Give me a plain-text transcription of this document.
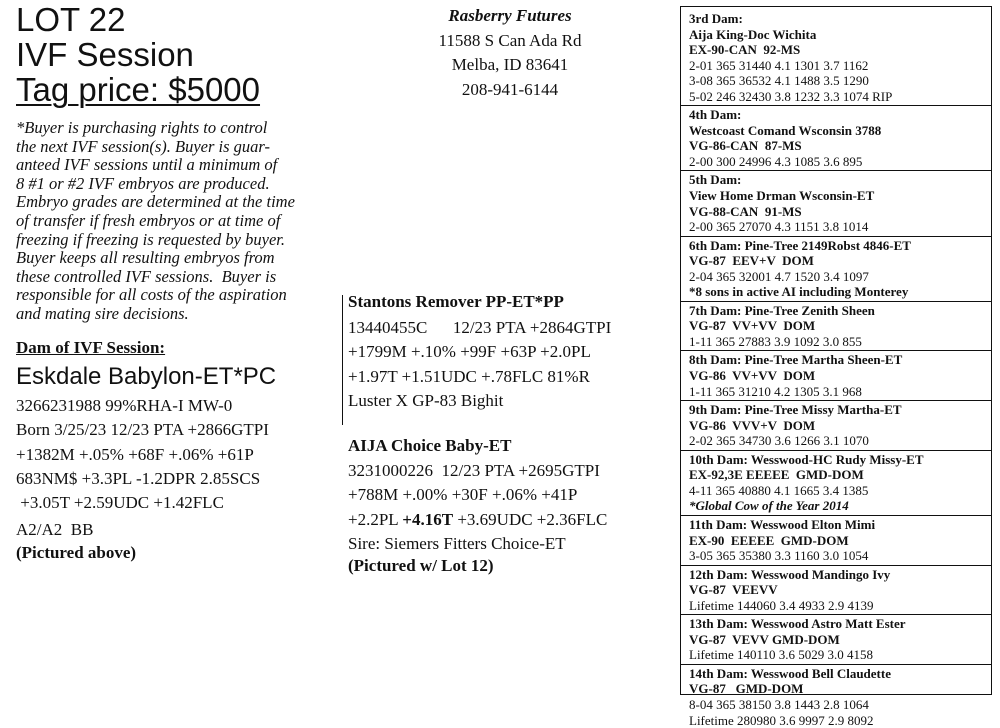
LOT 22
IVF Session
Tag price: $5000
*Buyer is purchasing rights to control
the next IVF session(s). Buyer is guar-
anteed IVF sessions until a minimum of
8 #1 or #2 IVF embryos are produced.
Embryo grades are determined at the time
of transfer if fresh embryos or at time of
freezing if freezing is requested by buyer.
Buyer keeps all resulting embryos from
these controlled IVF sessions.  Buyer is
responsible for all costs of the aspiration
and mating sire decisions.
Dam of IVF Session:
Eskdale Babylon-ET*PC
3266231988 99%RHA-I MW-0
Born 3/25/23 12/23 PTA +2866GTPI
+1382M +.05% +68F +.06% +61P
683NM$ +3.3PL -1.2DPR 2.85SCS
+3.05T +2.59UDC +1.42FLC
A2/A2  BB
(Pictured above)
Rasberry Futures
11588 S Can Ada Rd
Melba, ID 83641
208-941-6144
Stantons Remover PP-ET*PP
13440455C      12/23 PTA +2864GTPI
+1799M +.10% +99F +63P +2.0PL
+1.97T +1.51UDC +.78FLC 81%R
Luster X GP-83 Bighit
AIJA Choice Baby-ET
3231000226  12/23 PTA +2695GTPI
+788M +.00% +30F +.06% +41P
+2.2PL +4.16T +3.69UDC +2.36FLC
Sire: Siemers Fitters Choice-ET
(Pictured w/ Lot 12)
3rd Dam:
Aija King-Doc Wichita
EX-90-CAN  92-MS
2-01 365 31440 4.1 1301 3.7 1162
3-08 365 36532 4.1 1488 3.5 1290
5-02 246 32430 3.8 1232 3.3 1074 RIP
4th Dam:
Westcoast Comand Wsconsin 3788
VG-86-CAN  87-MS
2-00 300 24996 4.3 1085 3.6 895
5th Dam:
View Home Drman Wsconsin-ET
VG-88-CAN  91-MS
2-00 365 27070 4.3 1151 3.8 1014
6th Dam: Pine-Tree 2149Robst 4846-ET
VG-87  EEV+V  DOM
2-04 365 32001 4.7 1520 3.4 1097
*8 sons in active AI including Monterey
7th Dam: Pine-Tree Zenith Sheen
VG-87  VV+VV  DOM
1-11 365 27883 3.9 1092 3.0 855
8th Dam: Pine-Tree Martha Sheen-ET
VG-86  VV+VV  DOM
1-11 365 31210 4.2 1305 3.1 968
9th Dam: Pine-Tree Missy Martha-ET
VG-86  VVV+V  DOM
2-02 365 34730 3.6 1266 3.1 1070
10th Dam: Wesswood-HC Rudy Missy-ET
EX-92,3E EEEEE  GMD-DOM
4-11 365 40880 4.1 1665 3.4 1385
*Global Cow of the Year 2014
11th Dam: Wesswood Elton Mimi
EX-90  EEEEE  GMD-DOM
3-05 365 35380 3.3 1160 3.0 1054
12th Dam: Wesswood Mandingo Ivy
VG-87  VEEVV
Lifetime 144060 3.4 4933 2.9 4139
13th Dam: Wesswood Astro Matt Ester
VG-87  VEVV GMD-DOM
Lifetime 140110 3.6 5029 3.0 4158
14th Dam: Wesswood Bell Claudette
VG-87   GMD-DOM
8-04 365 38150 3.8 1443 2.8 1064
Lifetime 280980 3.6 9997 2.9 8092
